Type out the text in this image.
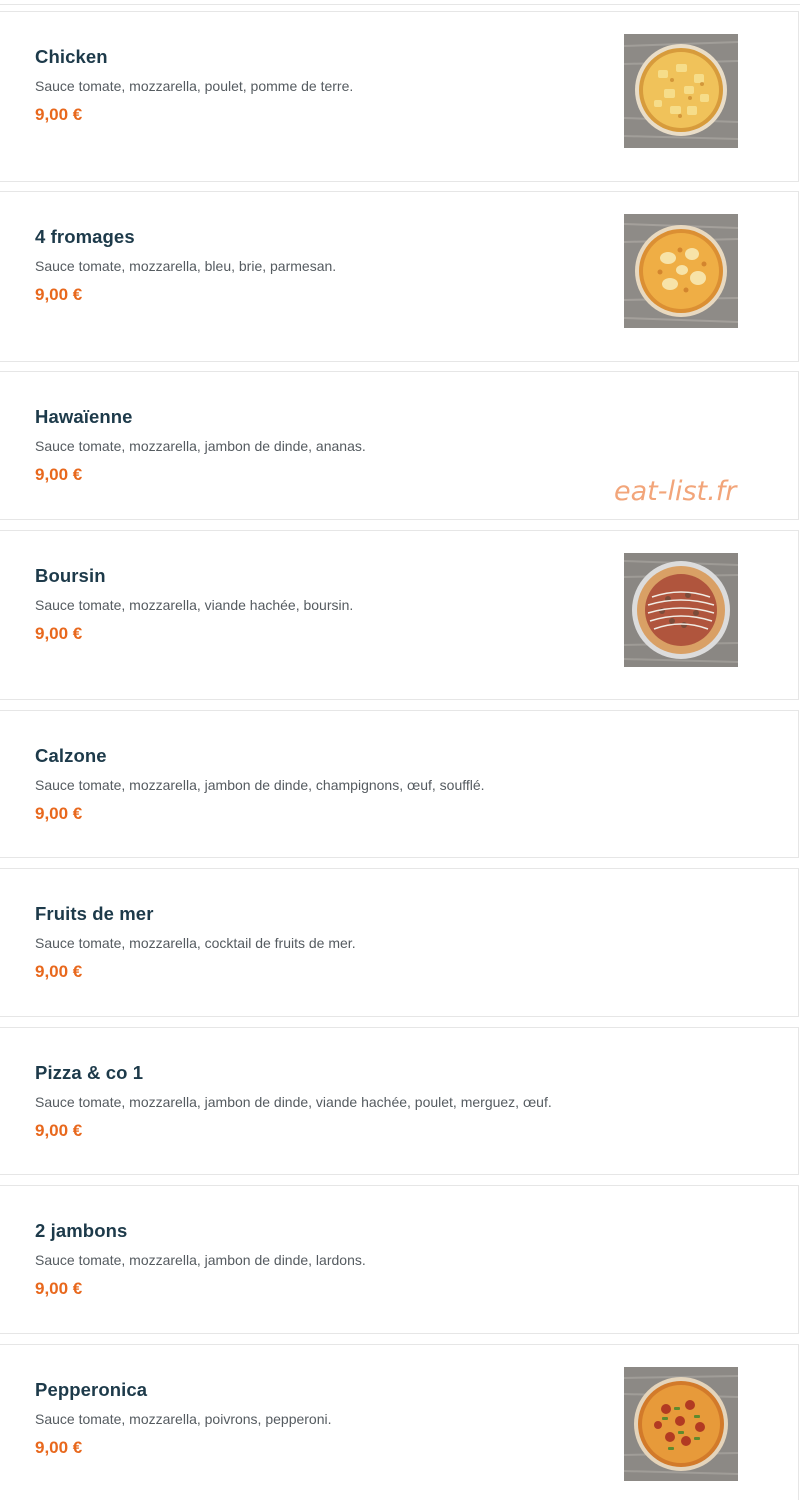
Chicken
Sauce tomate, mozzarella, poulet, pomme de terre.
9,00 €
4 fromages
Sauce tomate, mozzarella, bleu, brie, parmesan.
9,00 €
Hawaïenne
Sauce tomate, mozzarella, jambon de dinde, ananas.
9,00 €
Boursin
Sauce tomate, mozzarella, viande hachée, boursin.
9,00 €
Calzone
Sauce tomate, mozzarella, jambon de dinde, champignons, œuf, soufflé.
9,00 €
Fruits de mer
Sauce tomate, mozzarella, cocktail de fruits de mer.
9,00 €
Pizza & co 1
Sauce tomate, mozzarella, jambon de dinde, viande hachée, poulet, merguez, œuf.
9,00 €
2 jambons
Sauce tomate, mozzarella, jambon de dinde, lardons.
9,00 €
Pepperonica
Sauce tomate, mozzarella, poivrons, pepperoni.
9,00 €
eat-list.fr
